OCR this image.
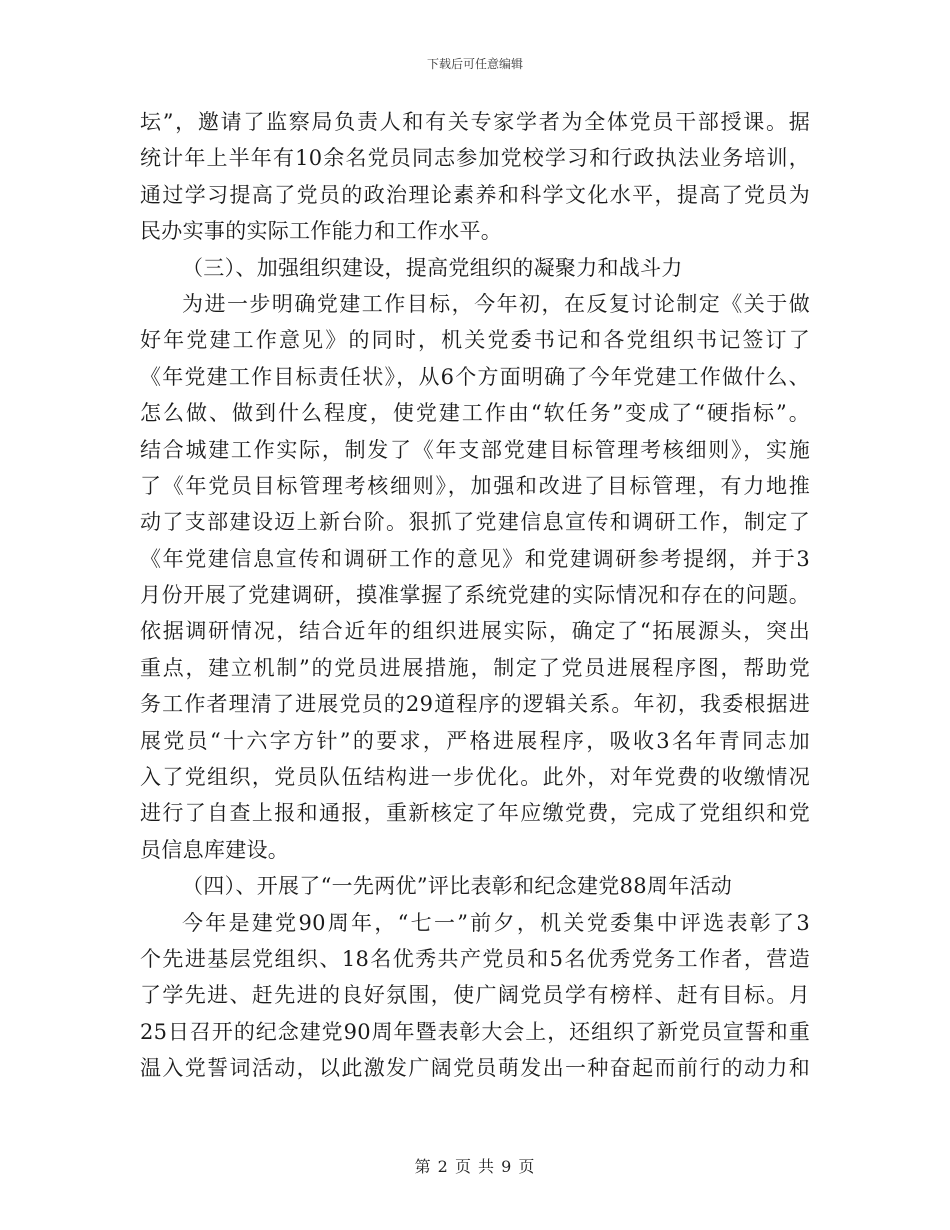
下载后可任意编辑
坛”，邀请了监察局负责人和有关专家学者为全体党员干部授课。据
统计年上半年有10余名党员同志参加党校学习和行政执法业务培训，
通过学习提高了党员的政治理论素养和科学文化水平，提高了党员为
民办实事的实际工作能力和工作水平。
（三）、加强组织建设，提高党组织的凝聚力和战斗力
为进一步明确党建工作目标，今年初，在反复讨论制定《关于做
好年党建工作意见》的同时，机关党委书记和各党组织书记签订了
《年党建工作目标责任状》，从6个方面明确了今年党建工作做什么、
怎么做、做到什么程度，使党建工作由“软任务”变成了“硬指标”。
结合城建工作实际，制发了《年支部党建目标管理考核细则》，实施
了《年党员目标管理考核细则》，加强和改进了目标管理，有力地推
动了支部建设迈上新台阶。狠抓了党建信息宣传和调研工作，制定了
《年党建信息宣传和调研工作的意见》和党建调研参考提纲，并于3
月份开展了党建调研，摸准掌握了系统党建的实际情况和存在的问题。
依据调研情况，结合近年的组织进展实际，确定了“拓展源头，突出
重点，建立机制”的党员进展措施，制定了党员进展程序图，帮助党
务工作者理清了进展党员的29道程序的逻辑关系。年初，我委根据进
展党员“十六字方针”的要求，严格进展程序，吸收3名年青同志加
入了党组织，党员队伍结构进一步优化。此外，对年党费的收缴情况
进行了自查上报和通报，重新核定了年应缴党费，完成了党组织和党
员信息库建设。
（四）、开展了“一先两优”评比表彰和纪念建党88周年活动
今年是建党90周年，“七一”前夕，机关党委集中评选表彰了3
个先进基层党组织、18名优秀共产党员和5名优秀党务工作者，营造
了学先进、赶先进的良好氛围，使广阔党员学有榜样、赶有目标。月
25日召开的纪念建党90周年暨表彰大会上，还组织了新党员宣誓和重
温入党誓词活动，以此激发广阔党员萌发出一种奋起而前行的动力和
第 2 页 共 9 页
